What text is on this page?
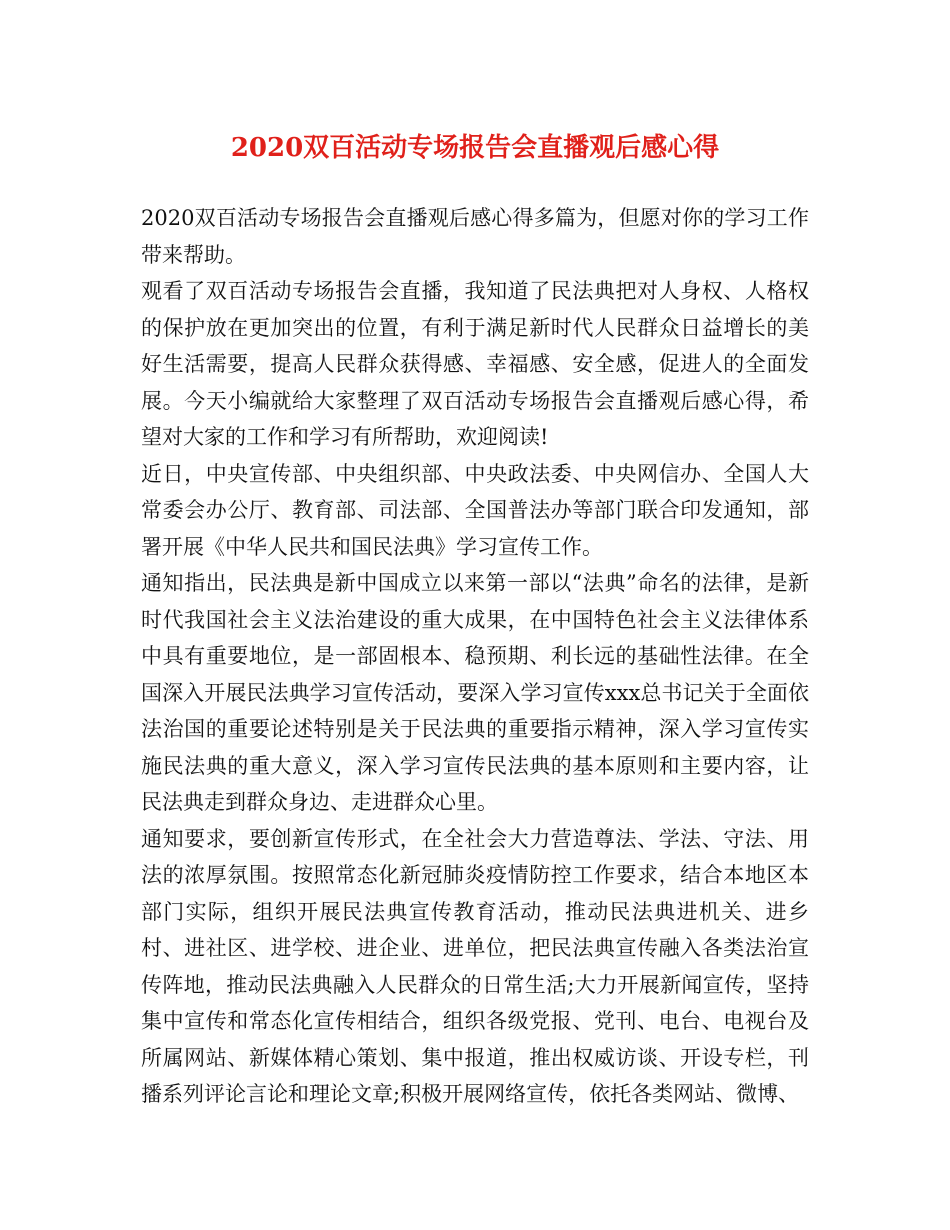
2020双百活动专场报告会直播观后感心得

2020双百活动专场报告会直播观后感心得多篇为，但愿对你的学习工作带来帮助。

观看了双百活动专场报告会直播，我知道了民法典把对人身权、人格权的保护放在更加突出的位置，有利于满足新时代人民群众日益增长的美好生活需要，提高人民群众获得感、幸福感、安全感，促进人的全面发展。今天小编就给大家整理了双百活动专场报告会直播观后感心得，希望对大家的工作和学习有所帮助，欢迎阅读!

近日，中央宣传部、中央组织部、中央政法委、中央网信办、全国人大常委会办公厅、教育部、司法部、全国普法办等部门联合印发通知，部署开展《中华人民共和国民法典》学习宣传工作。

通知指出，民法典是新中国成立以来第一部以“法典”命名的法律，是新时代我国社会主义法治建设的重大成果，在中国特色社会主义法律体系中具有重要地位，是一部固根本、稳预期、利长远的基础性法律。在全国深入开展民法典学习宣传活动，要深入学习宣传xxx总书记关于全面依法治国的重要论述特别是关于民法典的重要指示精神，深入学习宣传实施民法典的重大意义，深入学习宣传民法典的基本原则和主要内容，让民法典走到群众身边、走进群众心里。

通知要求，要创新宣传形式，在全社会大力营造尊法、学法、守法、用法的浓厚氛围。按照常态化新冠肺炎疫情防控工作要求，结合本地区本部门实际，组织开展民法典宣传教育活动，推动民法典进机关、进乡村、进社区、进学校、进企业、进单位，把民法典宣传融入各类法治宣传阵地，推动民法典融入人民群众的日常生活;大力开展新闻宣传，坚持集中宣传和常态化宣传相结合，组织各级党报、党刊、电台、电视台及所属网站、新媒体精心策划、集中报道，推出权威访谈、开设专栏，刊播系列评论言论和理论文章;积极开展网络宣传，依托各类网站、微博、
